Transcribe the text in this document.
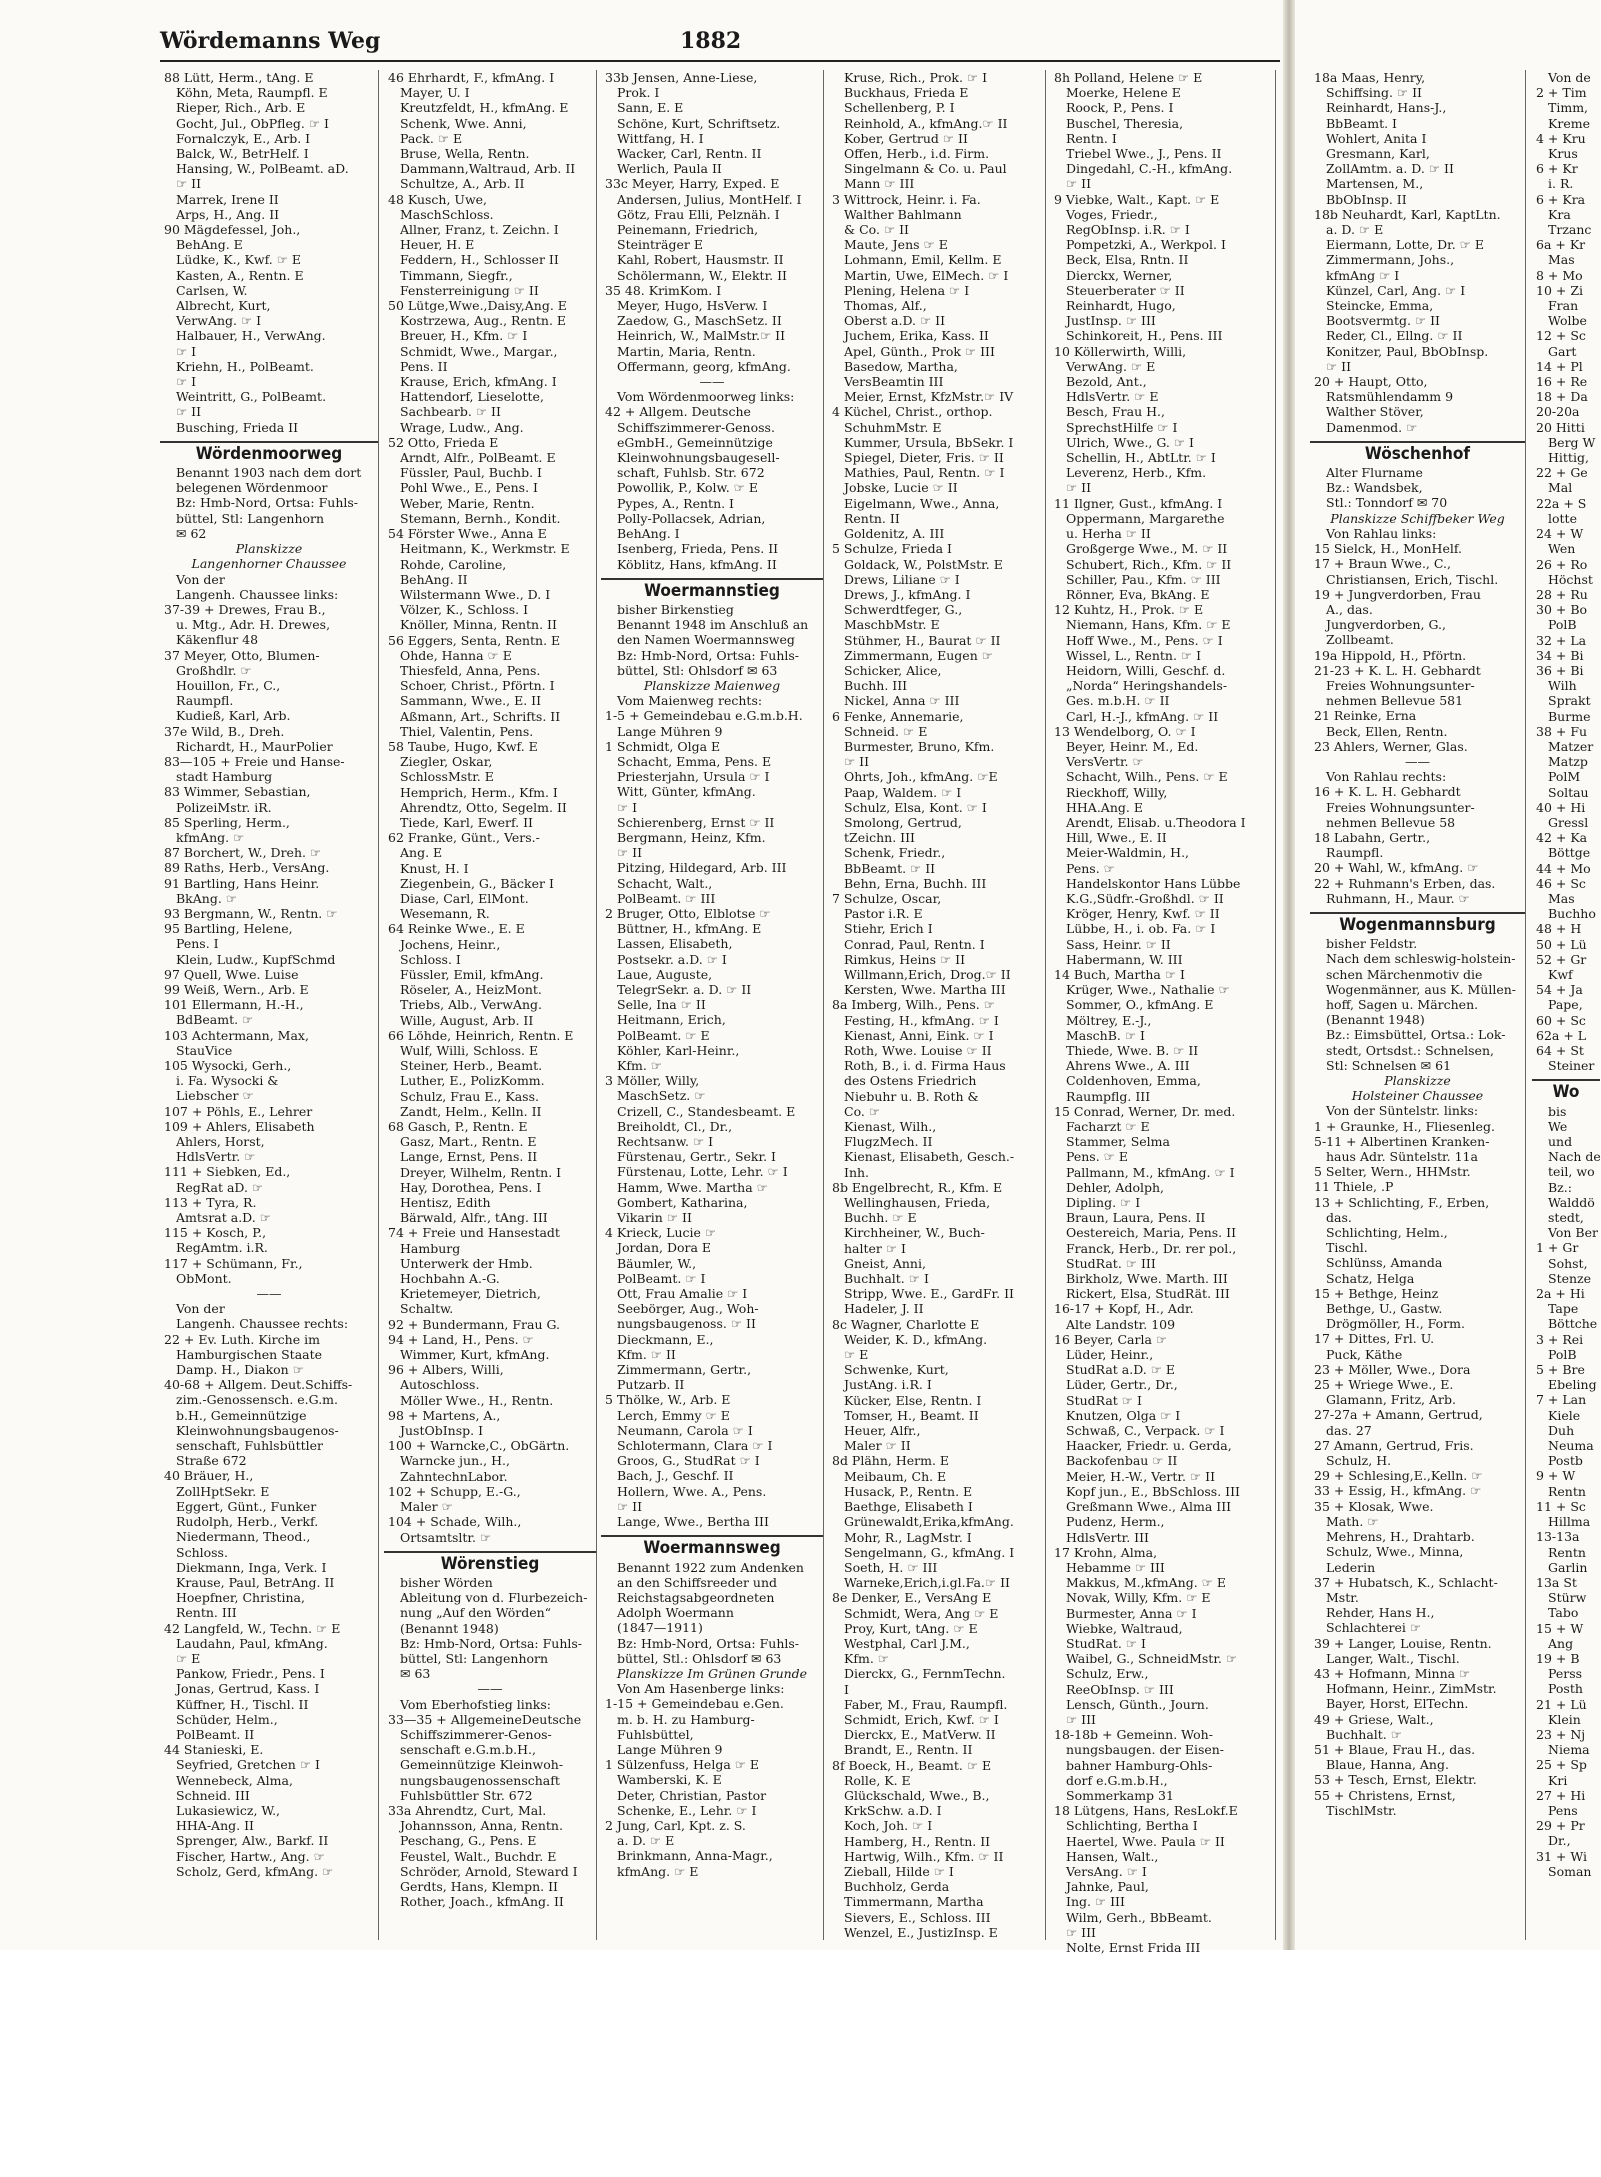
Wördemanns Weg	1882
88 Lütt, Herm., tAng. E
Köhn, Meta, Raumpfl. E
Rieper, Rich., Arb. E
Gocht, Jul., ObPfleg. ☞ I
Fornalczyk, E., Arb. I
Balck, W., BetrHelf. I
Hansing, W., PolBeamt. aD.
☞ II
Marrek, Irene II
Arps, H., Ang. II
90 Mägdefessel, Joh.,
BehAng. E
Lüdke, K., Kwf. ☞ E
Kasten, A., Rentn. E
Carlsen, W.
Albrecht, Kurt,
VerwAng. ☞ I
Halbauer, H., VerwAng.
☞ I
Kriehn, H., PolBeamt.
☞ I
Weintritt, G., PolBeamt.
☞ II
Busching, Frieda II
Wördenmoorweg
Benannt 1903 nach dem dort
belegenen Wördenmoor
Bz: Hmb-Nord, Ortsa: Fuhls-
büttel, Stl: Langenhorn
✉ 62
Planskizze
Langenhorner Chaussee
Von der
Langenh. Chaussee links:
37-39 + Drewes, Frau B.,
u. Mtg., Adr. H. Drewes,
Käkenflur 48
37 Meyer, Otto, Blumen-
Großhdlr. ☞
Houillon, Fr., C.,
Raumpfl.
Kudieß, Karl, Arb.
37e Wild, B., Dreh.
Richardt, H., MaurPolier
83—105 + Freie und Hanse-
stadt Hamburg
83 Wimmer, Sebastian,
PolizeiMstr. iR.
85 Sperling, Herm.,
kfmAng. ☞
87 Borchert, W., Dreh. ☞
89 Raths, Herb., VersAng.
91 Bartling, Hans Heinr.
BkAng. ☞
93 Bergmann, W., Rentn. ☞
95 Bartling, Helene,
Pens. I
Klein, Ludw., KupfSchmd
97 Quell, Wwe. Luise
99 Weiß, Wern., Arb. E
101 Ellermann, H.-H.,
BdBeamt. ☞
103 Achtermann, Max,
StauVice
105 Wysocki, Gerh.,
i. Fa. Wysocki &
Liebscher ☞
107 + Pöhls, E., Lehrer
109 + Ahlers, Elisabeth
Ahlers, Horst,
HdlsVertr. ☞
111 + Siebken, Ed.,
RegRat aD. ☞
113 + Tyra, R.
Amtsrat a.D. ☞
115 + Kosch, P.,
RegAmtm. i.R.
117 + Schümann, Fr.,
ObMont.
——
Von der
Langenh. Chaussee rechts:
22 + Ev. Luth. Kirche im
Hamburgischen Staate
Damp. H., Diakon ☞
40-68 + Allgem. Deut.Schiffs-
zim.-Genossensch. e.G.m.
b.H., Gemeinnützige
Kleinwohnungsbaugenos-
senschaft, Fuhlsbüttler
Straße 672
40 Bräuer, H.,
ZollHptSekr. E
Eggert, Günt., Funker
Rudolph, Herb., Verkf.
Niedermann, Theod.,
Schloss.
Diekmann, Inga, Verk. I
Krause, Paul, BetrAng. II
Hoepfner, Christina,
Rentn. III
42 Langfeld, W., Techn. ☞ E
Laudahn, Paul, kfmAng.
☞ E
Pankow, Friedr., Pens. I
Jonas, Gertrud, Kass. I
Küffner, H., Tischl. II
Schüder, Helm.,
PolBeamt. II
44 Stanieski, E.
Seyfried, Gretchen ☞ I
Wennebeck, Alma,
Schneid. III
Lukasiewicz, W.,
HHA-Ang. II
Sprenger, Alw., Barkf. II
Fischer, Hartw., Ang. ☞
Scholz, Gerd, kfmAng. ☞
46 Ehrhardt, F., kfmAng. I
Mayer, U. I
Kreutzfeldt, H., kfmAng. E
Schenk, Wwe. Anni,
Pack. ☞ E
Bruse, Wella, Rentn.
Dammann,Waltraud, Arb. II
Schultze, A., Arb. II
48 Kusch, Uwe,
MaschSchloss.
Allner, Franz, t. Zeichn. I
Heuer, H. E
Feddern, H., Schlosser II
Timmann, Siegfr.,
Fensterreinigung ☞ II
50 Lütge,Wwe.,Daisy,Ang. E
Kostrzewa, Aug., Rentn. E
Breuer, H., Kfm. ☞ I
Schmidt, Wwe., Margar.,
Pens. II
Krause, Erich, kfmAng. I
Hattendorf, Lieselotte,
Sachbearb. ☞ II
Wrage, Ludw., Ang.
52 Otto, Frieda E
Arndt, Alfr., PolBeamt. E
Füssler, Paul, Buchb. I
Pohl Wwe., E., Pens. I
Weber, Marie, Rentn.
Stemann, Bernh., Kondit.
54 Förster Wwe., Anna E
Heitmann, K., Werkmstr. E
Rohde, Caroline,
BehAng. II
Wilstermann Wwe., D. I
Völzer, K., Schloss. I
Knöller, Minna, Rentn. II
56 Eggers, Senta, Rentn. E
Ohde, Hanna ☞ E
Thiesfeld, Anna, Pens.
Schoer, Christ., Pförtn. I
Sammann, Wwe., E. II
Aßmann, Art., Schrifts. II
Thiel, Valentin, Pens.
58 Taube, Hugo, Kwf. E
Ziegler, Oskar,
SchlossMstr. E
Hemprich, Herm., Kfm. I
Ahrendtz, Otto, Segelm. II
Tiede, Karl, Ewerf. II
62 Franke, Günt., Vers.-
Ang. E
Knust, H. I
Ziegenbein, G., Bäcker I
Diase, Carl, ElMont.
Wesemann, R.
64 Reinke Wwe., E. E
Jochens, Heinr.,
Schloss. I
Füssler, Emil, kfmAng.
Röseler, A., HeizMont.
Triebs, Alb., VerwAng.
Wille, August, Arb. II
66 Löhde, Heinrich, Rentn. E
Wulf, Willi, Schloss. E
Steiner, Herb., Beamt.
Luther, E., PolizKomm.
Schulz, Frau E., Kass.
Zandt, Helm., Kelln. II
68 Gasch, P., Rentn. E
Gasz, Mart., Rentn. E
Lange, Ernst, Pens. II
Dreyer, Wilhelm, Rentn. I
Hay, Dorothea, Pens. I
Hentisz, Edith
Bärwald, Alfr., tAng. III
74 + Freie und Hansestadt
Hamburg
Unterwerk der Hmb.
Hochbahn A.-G.
Krietemeyer, Dietrich,
Schaltw.
92 + Bundermann, Frau G.
94 + Land, H., Pens. ☞
Wimmer, Kurt, kfmAng.
96 + Albers, Willi,
Autoschloss.
Möller Wwe., H., Rentn.
98 + Martens, A.,
JustObInsp. I
100 + Warncke,C., ObGärtn.
Warncke jun., H.,
ZahntechnLabor.
102 + Schupp, E.-G.,
Maler ☞
104 + Schade, Wilh.,
Ortsamtsltr. ☞
Wörenstieg
bisher Wörden
Ableitung von d. Flurbezeich-
nung „Auf den Wörden“
(Benannt 1948)
Bz: Hmb-Nord, Ortsa: Fuhls-
büttel, Stl: Langenhorn
✉ 63
——
Vom Eberhofstieg links:
33—35 + AllgemeineDeutsche
Schiffszimmerer-Genos-
senschaft e.G.m.b.H.,
Gemeinnützige Kleinwoh-
nungsbaugenossenschaft
Fuhlsbüttler Str. 672
33a Ahrendtz, Curt, Mal.
Johannsson, Anna, Rentn.
Peschang, G., Pens. E
Feustel, Walt., Buchdr. E
Schröder, Arnold, Steward I
Gerdts, Hans, Klempn. II
Rother, Joach., kfmAng. II
33b Jensen, Anne-Liese,
Prok. I
Sann, E. E
Schöne, Kurt, Schriftsetz.
Wittfang, H. I
Wacker, Carl, Rentn. II
Werlich, Paula II
33c Meyer, Harry, Exped. E
Andersen, Julius, MontHelf. I
Götz, Frau Elli, Pelznäh. I
Peinemann, Friedrich,
Steinträger E
Kahl, Robert, Hausmstr. II
Schölermann, W., Elektr. II
35 48. KrimKom. I
Meyer, Hugo, HsVerw. I
Zaedow, G., MaschSetz. II
Heinrich, W., MalMstr.☞ II
Martin, Maria, Rentn.
Offermann, georg, kfmAng.
——
Vom Wördenmoorweg links:
42 + Allgem. Deutsche
Schiffszimmerer-Genoss.
eGmbH., Gemeinnützige
Kleinwohnungsbaugesell-
schaft, Fuhlsb. Str. 672
Powollik, P., Kolw. ☞ E
Pypes, A., Rentn. I
Polly-Pollacsek, Adrian,
BehAng. I
Isenberg, Frieda, Pens. II
Köblitz, Hans, kfmAng. II
Woermannstieg
bisher Birkenstieg
Benannt 1948 im Anschluß an
den Namen Woermannsweg
Bz: Hmb-Nord, Ortsa: Fuhls-
büttel, Stl: Ohlsdorf ✉ 63
Planskizze Maienweg
Vom Maienweg rechts:
1-5 + Gemeindebau e.G.m.b.H.
Lange Mühren 9
1 Schmidt, Olga E
Schacht, Emma, Pens. E
Priesterjahn, Ursula ☞ I
Witt, Günter, kfmAng.
☞ I
Schierenberg, Ernst ☞ II
Bergmann, Heinz, Kfm.
☞ II
Pitzing, Hildegard, Arb. III
Schacht, Walt.,
PolBeamt. ☞ III
2 Bruger, Otto, Elblotse ☞
Büttner, H., kfmAng. E
Lassen, Elisabeth,
Postsekr. a.D. ☞ I
Laue, Auguste,
TelegrSekr. a. D. ☞ II
Selle, Ina ☞ II
Heitmann, Erich,
PolBeamt. ☞ E
Köhler, Karl-Heinr.,
Kfm. ☞
3 Möller, Willy,
MaschSetz. ☞
Crizell, C., Standesbeamt. E
Breiholdt, Cl., Dr.,
Rechtsanw. ☞ I
Fürstenau, Gertr., Sekr. I
Fürstenau, Lotte, Lehr. ☞ I
Hamm, Wwe. Martha ☞
Gombert, Katharina,
Vikarin ☞ II
4 Krieck, Lucie ☞
Jordan, Dora E
Bäumler, W.,
PolBeamt. ☞ I
Ott, Frau Amalie ☞ I
Seebörger, Aug., Woh-
nungsbaugenoss. ☞ II
Dieckmann, E.,
Kfm. ☞ II
Zimmermann, Gertr.,
Putzarb. II
5 Thölke, W., Arb. E
Lerch, Emmy ☞ E
Neumann, Carola ☞ I
Schlotermann, Clara ☞ I
Groos, G., StudRat ☞ I
Bach, J., Geschf. II
Hollern, Wwe. A., Pens.
☞ II
Lange, Wwe., Bertha III
Woermannsweg
Benannt 1922 zum Andenken
an den Schiffsreeder und
Reichstagsabgeordneten
Adolph Woermann
(1847—1911)
Bz: Hmb-Nord, Ortsa: Fuhls-
büttel, Stl.: Ohlsdorf ✉ 63
Planskizze Im Grünen Grunde
Von Am Hasenberge links:
1-15 + Gemeindebau e.Gen.
m. b. H. zu Hamburg-
Fuhlsbüttel,
Lange Mühren 9
1 Sülzenfuss, Helga ☞ E
Wamberski, K. E
Deter, Christian, Pastor
Schenke, E., Lehr. ☞ I
2 Jung, Carl, Kpt. z. S.
a. D. ☞ E
Brinkmann, Anna-Magr.,
kfmAng. ☞ E
Kruse, Rich., Prok. ☞ I
Buckhaus, Frieda E
Schellenberg, P. I
Reinhold, A., kfmAng.☞ II
Kober, Gertrud ☞ II
Offen, Herb., i.d. Firm.
Singelmann & Co. u. Paul
Mann ☞ III
3 Wittrock, Heinr. i. Fa.
Walther Bahlmann
& Co. ☞ II
Maute, Jens ☞ E
Lohmann, Emil, Kellm. E
Martin, Uwe, ElMech. ☞ I
Plening, Helena ☞ I
Thomas, Alf.,
Oberst a.D. ☞ II
Juchem, Erika, Kass. II
Apel, Günth., Prok ☞ III
Basedow, Martha,
VersBeamtin III
Meier, Ernst, KfzMstr.☞ IV
4 Küchel, Christ., orthop.
SchuhmMstr. E
Kummer, Ursula, BbSekr. I
Spiegel, Dieter, Fris. ☞ II
Mathies, Paul, Rentn. ☞ I
Jobske, Lucie ☞ II
Eigelmann, Wwe., Anna,
Rentn. II
Goldenitz, A. III
5 Schulze, Frieda I
Goldack, W., PolstMstr. E
Drews, Liliane ☞ I
Drews, J., kfmAng. I
Schwerdtfeger, G.,
MaschbMstr. E
Stühmer, H., Baurat ☞ II
Zimmermann, Eugen ☞
Schicker, Alice,
Buchh. III
Nickel, Anna ☞ III
6 Fenke, Annemarie,
Schneid. ☞ E
Burmester, Bruno, Kfm.
☞ II
Ohrts, Joh., kfmAng. ☞E
Paap, Waldem. ☞ I
Schulz, Elsa, Kont. ☞ I
Smolong, Gertrud,
tZeichn. III
Schenk, Friedr.,
BbBeamt. ☞ II
Behn, Erna, Buchh. III
7 Schulze, Oscar,
Pastor i.R. E
Stiehr, Erich I
Conrad, Paul, Rentn. I
Rimkus, Heins ☞ II
Willmann,Erich, Drog.☞ II
Kersten, Wwe. Martha III
8a Imberg, Wilh., Pens. ☞
Festing, H., kfmAng. ☞ I
Kienast, Anni, Eink. ☞ I
Roth, Wwe. Louise ☞ II
Roth, B., i. d. Firma Haus
des Ostens Friedrich
Niebuhr u. B. Roth &
Co. ☞
Kienast, Wilh.,
FlugzMech. II
Kienast, Elisabeth, Gesch.-
Inh.
8b Engelbrecht, R., Kfm. E
Wellinghausen, Frieda,
Buchh. ☞ E
Kirchheiner, W., Buch-
halter ☞ I
Gneist, Anni,
Buchhalt. ☞ I
Stripp, Wwe. E., GardFr. II
Hadeler, J. II
8c Wagner, Charlotte E
Weider, K. D., kfmAng.
☞ E
Schwenke, Kurt,
JustAng. i.R. I
Kücker, Else, Rentn. I
Tomser, H., Beamt. II
Heuer, Alfr.,
Maler ☞ II
8d Plähn, Herm. E
Meibaum, Ch. E
Husack, P., Rentn. E
Baethge, Elisabeth I
Grünewaldt,Erika,kfmAng.
Mohr, R., LagMstr. I
Sengelmann, G., kfmAng. I
Soeth, H. ☞ III
Warneke,Erich,i.gl.Fa.☞ II
8e Denker, E., VersAng E
Schmidt, Wera, Ang ☞ E
Proy, Kurt, tAng. ☞ E
Westphal, Carl J.M.,
Kfm. ☞
Dierckx, G., FernmTechn.
I
Faber, M., Frau, Raumpfl.
Schmidt, Erich, Kwf. ☞ I
Dierckx, E., MatVerw. II
Brandt, E., Rentn. II
8f Boeck, H., Beamt. ☞ E
Rolle, K. E
Glückschald, Wwe., B.,
KrkSchw. a.D. I
Koch, Joh. ☞ I
Hamberg, H., Rentn. II
Hartwig, Wilh., Kfm. ☞ II
Zieball, Hilde ☞ I
Buchholz, Gerda
Timmermann, Martha
Sievers, E., Schloss. III
Wenzel, E., JustizInsp. E
8h Polland, Helene ☞ E
Moerke, Helene E
Roock, P., Pens. I
Buschel, Theresia,
Rentn. I
Triebel Wwe., J., Pens. II
Dingedahl, C.-H., kfmAng.
☞ II
9 Viebke, Walt., Kapt. ☞ E
Voges, Friedr.,
RegObInsp. i.R. ☞ I
Pompetzki, A., Werkpol. I
Beck, Elsa, Rntn. II
Dierckx, Werner,
Steuerberater ☞ II
Reinhardt, Hugo,
JustInsp. ☞ III
Schinkoreit, H., Pens. III
10 Köllerwirth, Willi,
VerwAng. ☞ E
Bezold, Ant.,
HdlsVertr. ☞ E
Besch, Frau H.,
SprechstHilfe ☞ I
Ulrich, Wwe., G. ☞ I
Schellin, H., AbtLtr. ☞ I
Leverenz, Herb., Kfm.
☞ II
11 Ilgner, Gust., kfmAng. I
Oppermann, Margarethe
u. Herha ☞ II
Großgerge Wwe., M. ☞ II
Schubert, Rich., Kfm. ☞ II
Schiller, Pau., Kfm. ☞ III
Rönner, Eva, BkAng. E
12 Kuhtz, H., Prok. ☞ E
Niemann, Hans, Kfm. ☞ E
Hoff Wwe., M., Pens. ☞ I
Wissel, L., Rentn. ☞ I
Heidorn, Willi, Geschf. d.
„Norda“ Heringshandels-
Ges. m.b.H. ☞ II
Carl, H.-J., kfmAng. ☞ II
13 Wendelborg, O. ☞ I
Beyer, Heinr. M., Ed.
VersVertr. ☞
Schacht, Wilh., Pens. ☞ E
Rieckhoff, Willy,
HHA.Ang. E
Arendt, Elisab. u.Theodora I
Hill, Wwe., E. II
Meier-Waldmin, H.,
Pens. ☞
Handelskontor Hans Lübbe
K.G.,Südfr.-Großhdl. ☞ II
Kröger, Henry, Kwf. ☞ II
Lübbe, H., i. ob. Fa. ☞ I
Sass, Heinr. ☞ II
Habermann, W. III
14 Buch, Martha ☞ I
Krüger, Wwe., Nathalie ☞
Sommer, O., kfmAng. E
Möltrey, E.-J.,
MaschB. ☞ I
Thiede, Wwe. B. ☞ II
Ahrens Wwe., A. III
Coldenhoven, Emma,
Raumpflg. III
15 Conrad, Werner, Dr. med.
Facharzt ☞ E
Stammer, Selma
Pens. ☞ E
Pallmann, M., kfmAng. ☞ I
Dehler, Adolph,
Dipling. ☞ I
Braun, Laura, Pens. II
Oestereich, Maria, Pens. II
Franck, Herb., Dr. rer pol.,
StudRat. ☞ III
Birkholz, Wwe. Marth. III
Rickert, Elsa, StudRät. III
16-17 + Kopf, H., Adr.
Alte Landstr. 109
16 Beyer, Carla ☞
Lüder, Heinr.,
StudRat a.D. ☞ E
Lüder, Gertr., Dr.,
StudRat ☞ I
Knutzen, Olga ☞ I
Schwaß, C., Verpack. ☞ I
Haacker, Friedr. u. Gerda,
Backofenbau ☞ II
Meier, H.-W., Vertr. ☞ II
Kopf jun., E., BbSchloss. III
Greßmann Wwe., Alma III
Pudenz, Herm.,
HdlsVertr. III
17 Krohn, Alma,
Hebamme ☞ III
Makkus, M.,kfmAng. ☞ E
Novak, Willy, Kfm. ☞ E
Burmester, Anna ☞ I
Wiebke, Waltraud,
StudRat. ☞ I
Waibel, G., SchneidMstr. ☞
Schulz, Erw.,
ReeObInsp. ☞ III
Lensch, Günth., Journ.
☞ III
18-18b + Gemeinn. Woh-
nungsbaugen. der Eisen-
bahner Hamburg-Ohls-
dorf e.G.m.b.H.,
Sommerkamp 31
18 Lütgens, Hans, ResLokf.E
Schlichting, Bertha I
Haertel, Wwe. Paula ☞ II
Hansen, Walt.,
VersAng. ☞ I
Jahnke, Paul,
Ing. ☞ III
Wilm, Gerh., BbBeamt.
☞ III
Nolte, Ernst Frida III
18a Maas, Henry,
Schiffsing. ☞ II
Reinhardt, Hans-J.,
BbBeamt. I
Wohlert, Anita I
Gresmann, Karl,
ZollAmtm. a. D. ☞ II
Martensen, M.,
BbObInsp. II
18b Neuhardt, Karl, KaptLtn.
a. D. ☞ E
Eiermann, Lotte, Dr. ☞ E
Zimmermann, Johs.,
kfmAng ☞ I
Künzel, Carl, Ang. ☞ I
Steincke, Emma,
Bootsvermtg. ☞ II
Reder, Cl., Ellng. ☞ II
Konitzer, Paul, BbObInsp.
☞ II
20 + Haupt, Otto,
Ratsmühlendamm 9
Walther Stöver,
Damenmod. ☞
Wöschenhof
Alter Flurname
Bz.: Wandsbek,
Stl.: Tonndorf ✉ 70
Planskizze Schiffbeker Weg
Von Rahlau links:
15 Sielck, H., MonHelf.
17 + Braun Wwe., C.,
Christiansen, Erich, Tischl.
19 + Jungverdorben, Frau
A., das.
Jungverdorben, G.,
Zollbeamt.
19a Hippold, H., Pförtn.
21-23 + K. L. H. Gebhardt
Freies Wohnungsunter-
nehmen Bellevue 581
21 Reinke, Erna
Beck, Ellen, Rentn.
23 Ahlers, Werner, Glas.
——
Von Rahlau rechts:
16 + K. L. H. Gebhardt
Freies Wohnungsunter-
nehmen Bellevue 58
18 Labahn, Gertr.,
Raumpfl.
20 + Wahl, W., kfmAng. ☞
22 + Ruhmann's Erben, das.
Ruhmann, H., Maur. ☞
Wogenmannsburg
bisher Feldstr.
Nach dem schleswig-holstein-
schen Märchenmotiv die
Wogenmänner, aus K. Müllen-
hoff, Sagen u. Märchen.
(Benannt 1948)
Bz.: Eimsbüttel, Ortsa.: Lok-
stedt, Ortsdst.: Schnelsen,
Stl: Schnelsen ✉ 61
Planskizze
Holsteiner Chaussee
Von der Süntelstr. links:
1 + Graunke, H., Fliesenleg.
5-11 + Albertinen Kranken-
haus Adr. Süntelstr. 11a
5 Selter, Wern., HHMstr.
11 Thiele, .P
13 + Schlichting, F., Erben,
das.
Schlichting, Helm.,
Tischl.
Schlünss, Amanda
Schatz, Helga
15 + Bethge, Heinz
Bethge, U., Gastw.
Drögmöller, H., Form.
17 + Dittes, Frl. U.
Puck, Käthe
23 + Möller, Wwe., Dora
25 + Wriege Wwe., E.
Glamann, Fritz, Arb.
27-27a + Amann, Gertrud,
das. 27
27 Amann, Gertrud, Fris.
Schulz, H.
29 + Schlesing,E.,Kelln. ☞
33 + Essig, H., kfmAng. ☞
35 + Klosak, Wwe.
Math. ☞
Mehrens, H., Drahtarb.
Schulz, Wwe., Minna,
Lederin
37 + Hubatsch, K., Schlacht-
Mstr.
Rehder, Hans H.,
Schlachterei ☞
39 + Langer, Louise, Rentn.
Langer, Walt., Tischl.
43 + Hofmann, Minna ☞
Hofmann, Heinr., ZimMstr.
Bayer, Horst, ElTechn.
49 + Griese, Walt.,
Buchhalt. ☞
51 + Blaue, Frau H., das.
Blaue, Hanna, Ang.
53 + Tesch, Ernst, Elektr.
55 + Christens, Ernst,
TischlMstr.
Von de
2 + Tim
Timm,
Kreme
4 + Kru
Krus
6 + Kr
i. R.
6 + Kra
Kra
Trzanc
6a + Kr
Mas
8 + Mo
10 + Zi
Fran
Wolbe
12 + Sc
Gart
14 + Pl
16 + Re
18 + Da
20-20a
20 Hitti
Berg W
Hittig,
22 + Ge
Mal
22a + S
lotte
24 + W
Wen
26 + Ro
Höchst
28 + Ru
30 + Bo
PolB
32 + La
34 + Bi
36 + Bi
Wilh
Sprakt
Burme
38 + Fu
Matzer
Matzp
PolM
Soltau
40 + Hi
Gressl
42 + Ka
Böttge
44 + Mo
46 + Sc
Mas
Buchho
48 + H
50 + Lü
52 + Gr
Kwf
54 + Ja
Pape,
60 + Sc
62a + L
64 + St
Steiner
Wo
bis
We
und
Nach de
teil, wo
Bz.:
Walddö
stedt,
Von Ber
1 + Gr
Sohst,
Stenze
2a + Hi
Tape
Böttche
3 + Rei
PolB
5 + Bre
Ebeling
7 + Lan
Kiele
Duh
Neuma
Postb
9 + W
Rentn
11 + Sc
Hillma
13-13a
Rentn
Garlin
13a St
Stürw
Tabo
15 + W
Ang
19 + B
Perss
Posth
21 + Lü
Klein
23 + Nj
Niema
25 + Sp
Kri
27 + Hi
Pens
29 + Pr
Dr.,
31 + Wi
Soman
